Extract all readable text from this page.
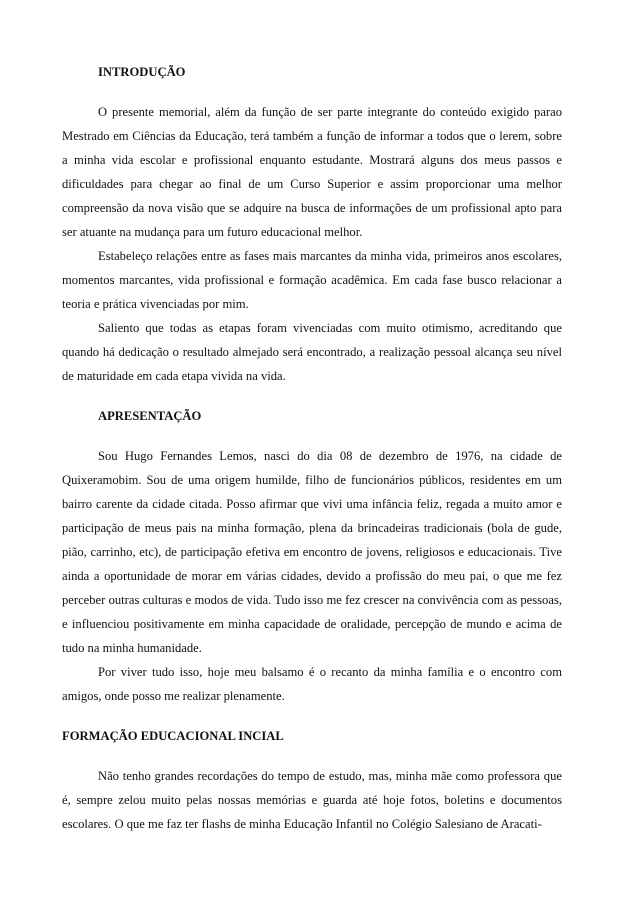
INTRODUÇÃO

O presente memorial, além da função de ser parte integrante do conteúdo exigido parao Mestrado em Ciências da Educação, terá também a função de informar a todos que o lerem, sobre a minha vida escolar e profissional enquanto estudante. Mostrará alguns dos meus passos e dificuldades para chegar ao final de um Curso Superior e assim proporcionar uma melhor compreensão da nova visão que se adquire na busca de informações de um profissional apto para ser atuante na mudança para um futuro educacional melhor.

Estabeleço relações entre as fases mais marcantes da minha vida, primeiros anos escolares, momentos marcantes, vida profissional e formação acadêmica. Em cada fase busco relacionar a teoria e prática vivenciadas por mim.

Saliento que todas as etapas foram vivenciadas com muito otimismo, acreditando que quando há dedicação o resultado almejado será encontrado, a realização pessoal alcança seu nível de maturidade em cada etapa vivida na vida.

APRESENTAÇÃO

Sou Hugo Fernandes Lemos, nasci do dia 08 de dezembro de 1976, na cidade de Quixeramobim. Sou de uma origem humilde, filho de funcionários públicos, residentes em um bairro carente da cidade citada. Posso afirmar que vivi uma infância feliz, regada a muito amor e participação de meus pais na minha formação, plena da brincadeiras tradicionais (bola de gude, pião, carrinho, etc), de participação efetiva em encontro de jovens, religiosos e educacionais. Tive ainda a oportunidade de morar em várias cidades, devido a profissão do meu pai, o que me fez perceber outras culturas e modos de vida. Tudo isso me fez crescer na convivência com as pessoas, e influenciou positivamente em minha capacidade de oralidade, percepção de mundo e acima de tudo na minha humanidade.

Por viver tudo isso, hoje meu balsamo é o recanto da minha família e o encontro com amigos, onde posso me realizar plenamente.

FORMAÇÃO EDUCACIONAL INCIAL

Não tenho grandes recordações do tempo de estudo, mas, minha mãe como professora que é, sempre zelou muito pelas nossas memórias e guarda até hoje fotos, boletins e documentos escolares. O que me faz ter flashs de minha Educação Infantil no Colégio Salesiano de Aracati-
